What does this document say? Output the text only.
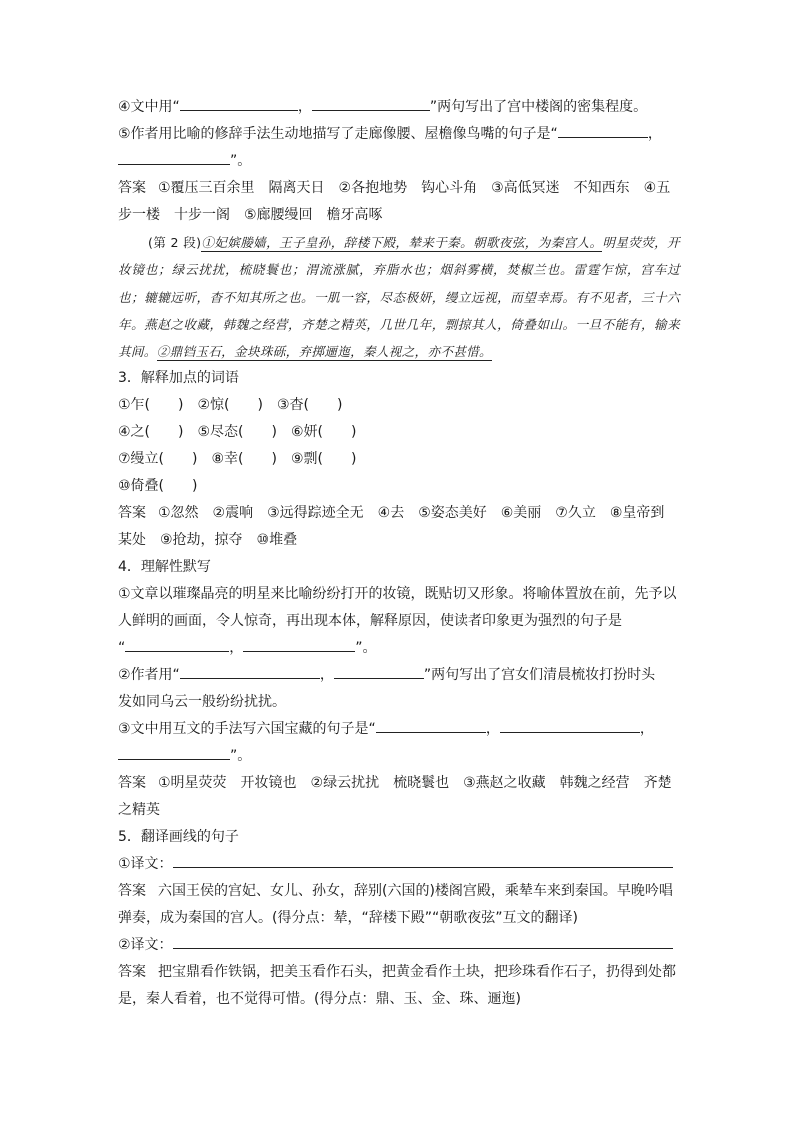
④文中用“	，	”两句写出了宫中楼阁的密集程度。
⑤作者用比喻的修辞手法生动地描写了走廊像腰、屋檐像鸟嘴的句子是“	，
”。
答案 ①覆压三百余里　隔离天日　②各抱地势　钩心斗角　③高低冥迷　不知西东　④五
步一楼　十步一阁　⑤廊腰缦回　檐牙高啄
(第 2 段)①妃嫔媵嫱，王子皇孙，辞楼下殿，辇来于秦。朝歌夜弦，为秦宫人。明星荧荧，开妆镜也；绿云扰扰，梳晓鬟也；渭流涨腻，弃脂水也；烟斜雾横，焚椒兰也。雷霆乍惊，宫车过也；辘辘远听，杳不知其所之也。一肌一容，尽态极妍，缦立远视，而望幸焉。有不见者，三十六年。燕赵之收藏，韩魏之经营，齐楚之精英，几世几年，剽掠其人，倚叠如山。一旦不能有，输来其间。②鼎铛玉石，金块珠砾，弃掷逦迤，秦人视之，亦不甚惜。
3．解释加点的词语
①乍(　　)　②惊(　　)　③杳(　　)
④之(　　)　⑤尽态(　　)　⑥妍(　　)
⑦缦立(　　)　⑧幸(　　)　⑨剽(　　)
⑩倚叠(　　)
答案 ①忽然　②震响　③远得踪迹全无　④去　⑤姿态美好　⑥美丽　⑦久立　⑧皇帝到
某处　⑨抢劫，掠夺　⑩堆叠
4．理解性默写
①文章以璀璨晶亮的明星来比喻纷纷打开的妆镜，既贴切又形象。将喻体置放在前，先予以
人鲜明的画面，令人惊奇，再出现本体，解释原因，使读者印象更为强烈的句子是
“	，	”。
②作者用“	，	”两句写出了宫女们清晨梳妆打扮时头
发如同乌云一般纷纷扰扰。
③文中用互文的手法写六国宝藏的句子是“	，	，
”。
答案 ①明星荧荧　开妆镜也　②绿云扰扰　梳晓鬟也　③燕赵之收藏　韩魏之经营　齐楚
之精英
5．翻译画线的句子
①译文：
答案 六国王侯的宫妃、女儿、孙女，辞别(六国的)楼阁宫殿，乘辇车来到秦国。早晚吟唱
弹奏，成为秦国的宫人。(得分点：辇，“辞楼下殿”“朝歌夜弦”互文的翻译)
②译文：
答案 把宝鼎看作铁锅，把美玉看作石头，把黄金看作土块，把珍珠看作石子，扔得到处都
是，秦人看着，也不觉得可惜。(得分点：鼎、玉、金、珠、逦迤)
